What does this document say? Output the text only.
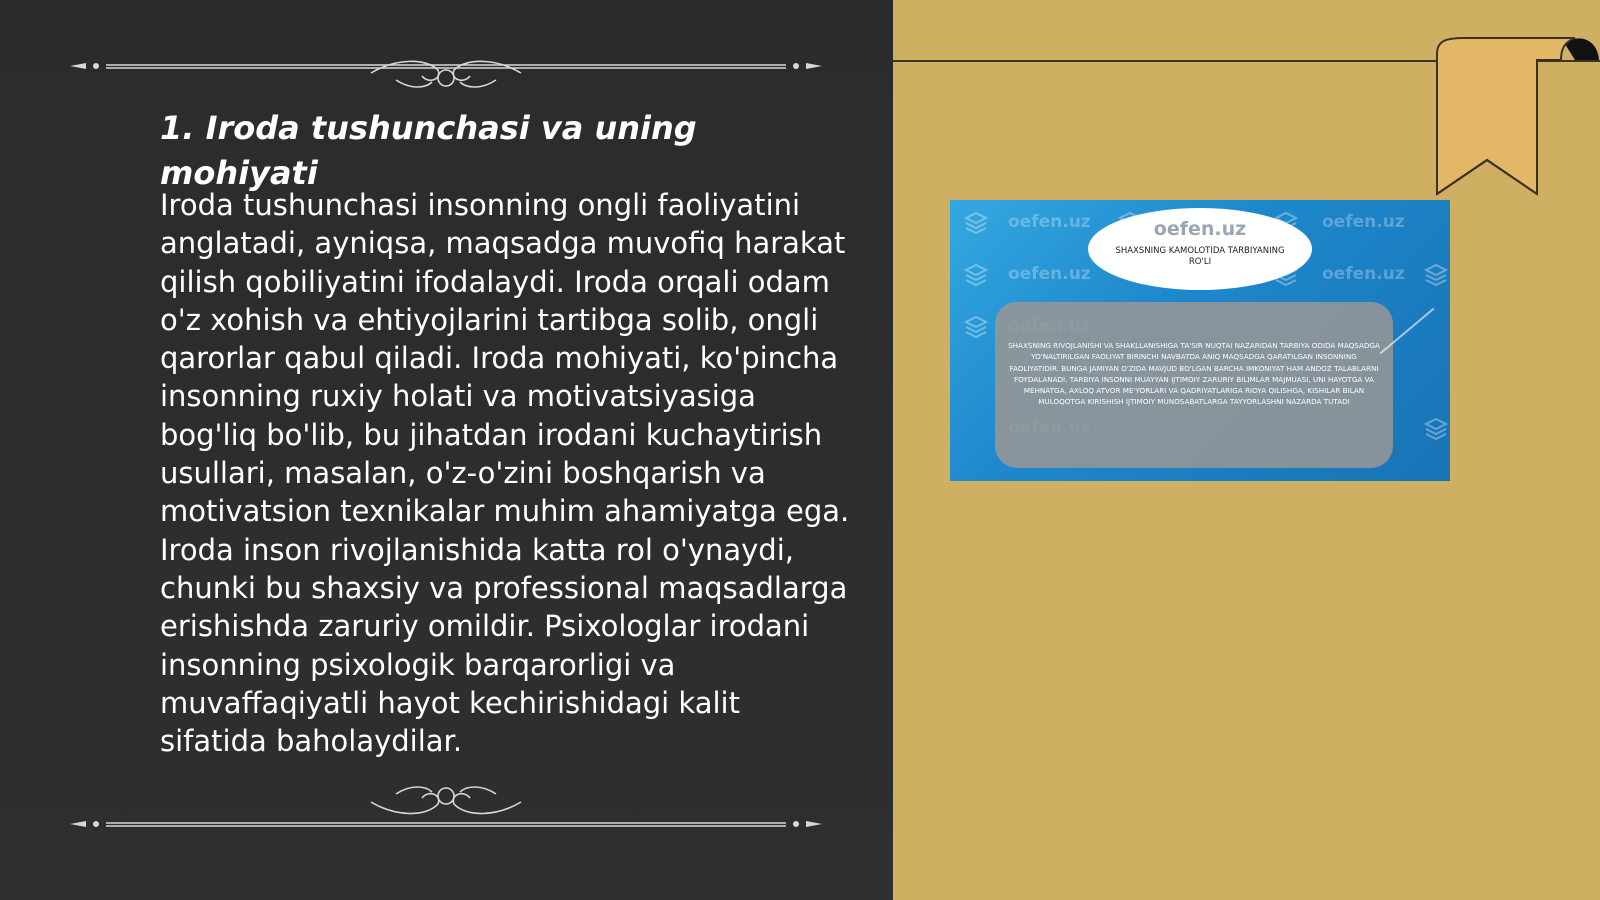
1. Iroda tushunchasi va uning mohiyati

Iroda tushunchasi insonning ongli faoliyatini anglatadi, ayniqsa, maqsadga muvofiq harakat qilish qobiliyatini ifodalaydi. Iroda orqali odam o'z xohish va ehtiyojlarini tartibga solib, ongli qarorlar qabul qiladi. Iroda mohiyati, ko'pincha insonning ruxiy holati va motivatsiyasiga bog'liq bo'lib, bu jihatdan irodani kuchaytirish usullari, masalan, o'z-o'zini boshqarish va motivatsion texnikalar muhim ahamiyatga ega. Iroda inson rivojlanishida katta rol o'ynaydi, chunki bu shaxsiy va professional maqsadlarga erishishda zaruriy omildir. Psixologlar irodani insonning psixologik barqarorligi va muvaffaqiyatli hayot kechirishidagi kalit sifatida baholaydilar.

oefen.uz	oefen.uz
oefen.uz	oefen.uz
oefen.uz
SHAXSNING KAMOLOTIDA TARBIYANING RO'LI
SHAXSNING RIVOJLANISHI VA SHAKLLANISHIGA TA'SIR NUQTAI NAZARIDAN TARBIYA ODIDA MAQSADGA YO'NALTIRILGAN FAOLIYAT BIRINCHI NAVBATDA ANIQ MAQSADGA QARATILGAN INSONNING FAOLIYATIDIR. BUNGA JAMIYAN O'ZIDA MAVJUD BO'LGAN BARCHA IMKONIYAT HAM ANDOZ TALABLARNI FOYDALANADI. TARBIYA INSONNI MUAYYAN IJTIMOIY ZARURIY BILIMLAR MAJMUASI, UNI HAYOTGA VA MEHNATGA, AXLOQ ATVOR ME'YORLARI VA QADRIYATLARIGA RIOYA QILISHGA, KISHILAR BILAN MULOQOTGA KIRISHISH IJTIMOIY MUNOSABATLARGA TAYYORLASHNI NAZARDA TUTADI
